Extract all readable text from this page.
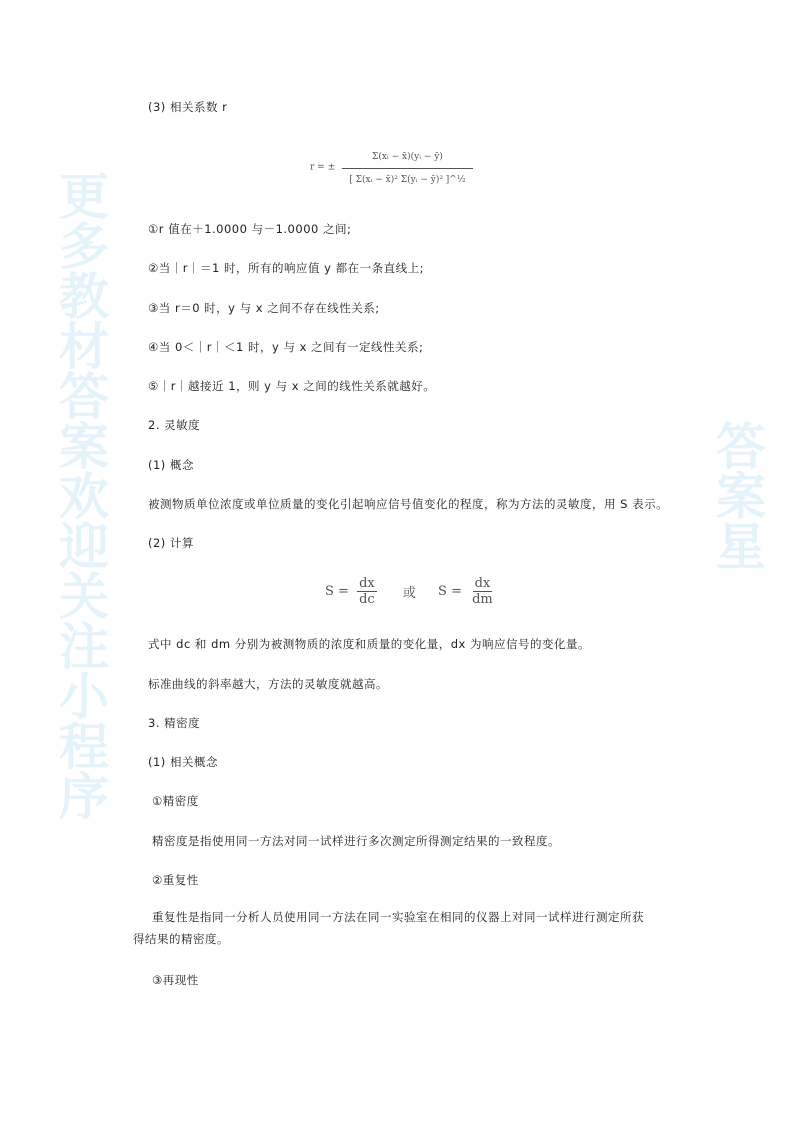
更多教材答案欢迎关注小程序	答案星
(3) 相关系数 r
r = ± $\frac{\text{Σ(xᵢ − x̄)(yᵢ − ȳ)}}{\text{[ Σ(xᵢ − x̄)² Σ(yᵢ − ȳ)² ]\textasciicircum{}½}}$
①r 值在＋1.0000 与－1.0000 之间;
②当｜r｜＝1 时，所有的响应值 y 都在一条直线上;
③当 r＝0 时，y 与 x 之间不存在线性关系;
④当 0＜｜r｜＜1 时，y 与 x 之间有一定线性关系;
⑤｜r｜越接近 1，则 y 与 x 之间的线性关系就越好。
2. 灵敏度
(1) 概念
被测物质单位浓度或单位质量的变化引起响应信号值变化的程度，称为方法的灵敏度，用 S 表示。
(2) 计算
$S = \frac{dx}{dc}$ 或 $S = \frac{dx}{dm}$
式中 dc 和 dm 分别为被测物质的浓度和质量的变化量，dx 为响应信号的变化量。
标准曲线的斜率越大，方法的灵敏度就越高。
3. 精密度
(1) 相关概念
①精密度
精密度是指使用同一方法对同一试样进行多次测定所得测定结果的一致程度。
②重复性
重复性是指同一分析人员使用同一方法在同一实验室在相同的仪器上对同一试样进行测定所获得结果的精密度。
③再现性
